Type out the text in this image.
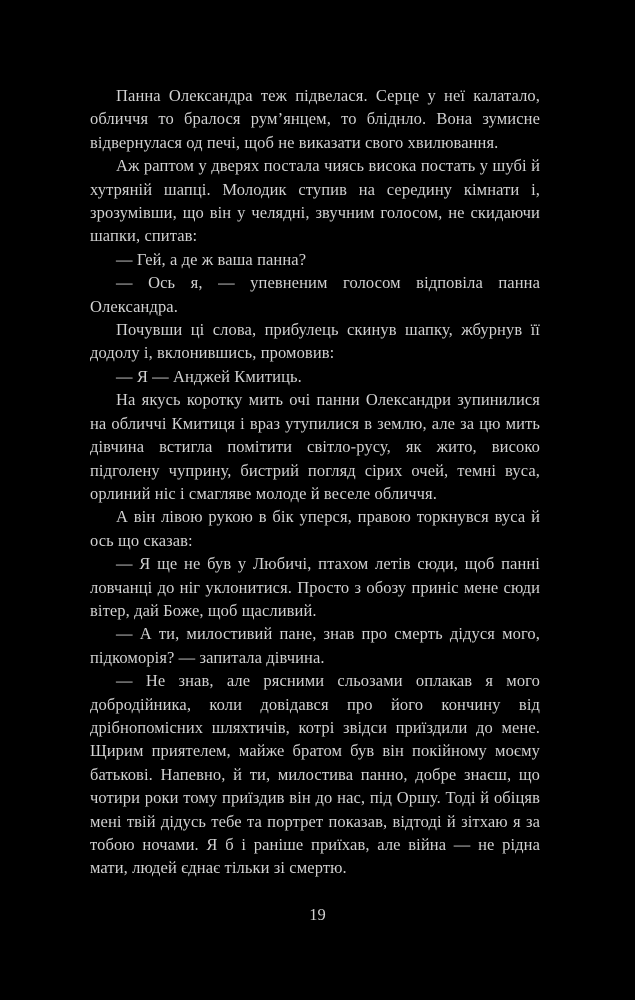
Панна Олександра теж підвелася. Серце у неї калатало, обличчя то бралося рум’янцем, то бліднло. Вона зумисне відвернулася од печі, щоб не виказати свого хвилювання.

Аж раптом у дверях постала чиясь висока постать у шубі й хутряній шапці. Молодик ступив на середину кімнати і, зрозумівши, що він у челядні, звучним голосом, не скидаючи шапки, спитав:

— Гей, а де ж ваша панна?

— Ось я, — упевненим голосом відповіла панна Олександра.

Почувши ці слова, прибулець скинув шапку, жбурнув її додолу і, вклонившись, промовив:

— Я — Анджей Кмитиць.

На якусь коротку мить очі панни Олександри зупинилися на обличчі Кмитиця і враз утупилися в землю, але за цю мить дівчина встигла помітити світло-русу, як жито, високо підголену чуприну, бистрий погляд сірих очей, темні вуса, орлиний ніс і смагляве молоде й веселе обличчя.

А він лівою рукою в бік уперся, правою торкнувся вуса й ось що сказав:

— Я ще не був у Любичі, птахом летів сюди, щоб панні ловчанці до ніг уклонитися. Просто з обозу приніс мене сюди вітер, дай Боже, щоб щасливий.

— А ти, милостивий пане, знав про смерть дідуся мого, підкоморія? — запитала дівчина.

— Не знав, але рясними сльозами оплакав я мого добродійника, коли довідався про його кончину від дрібнопомісних шляхтичів, котрі звідси приїздили до мене. Щирим приятелем, майже братом був він покійному моєму батькові. Напевно, й ти, милостива панно, добре знаєш, що чотири роки тому приїздив він до нас, під Оршу. Тоді й обіцяв мені твій дідусь тебе та портрет показав, відтоді й зітхаю я за тобою ночами. Я б і раніше приїхав, але війна — не рідна мати, людей єднає тільки зі смертю.

19
